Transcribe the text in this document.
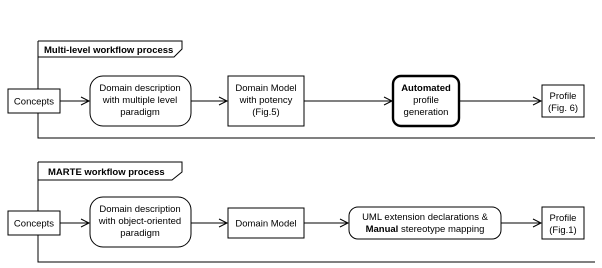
Multi-level workflow process
Concepts
Domain description
with multiple level
paradigm
Domain Model
with potency
(Fig.5)
Automated
profile
generation
Profile
(Fig. 6)
MARTE workflow process
Concepts
Domain description
with object-oriented
paradigm
Domain Model
UML extension declarations &
Manual stereotype mapping
Profile
(Fig.1)
